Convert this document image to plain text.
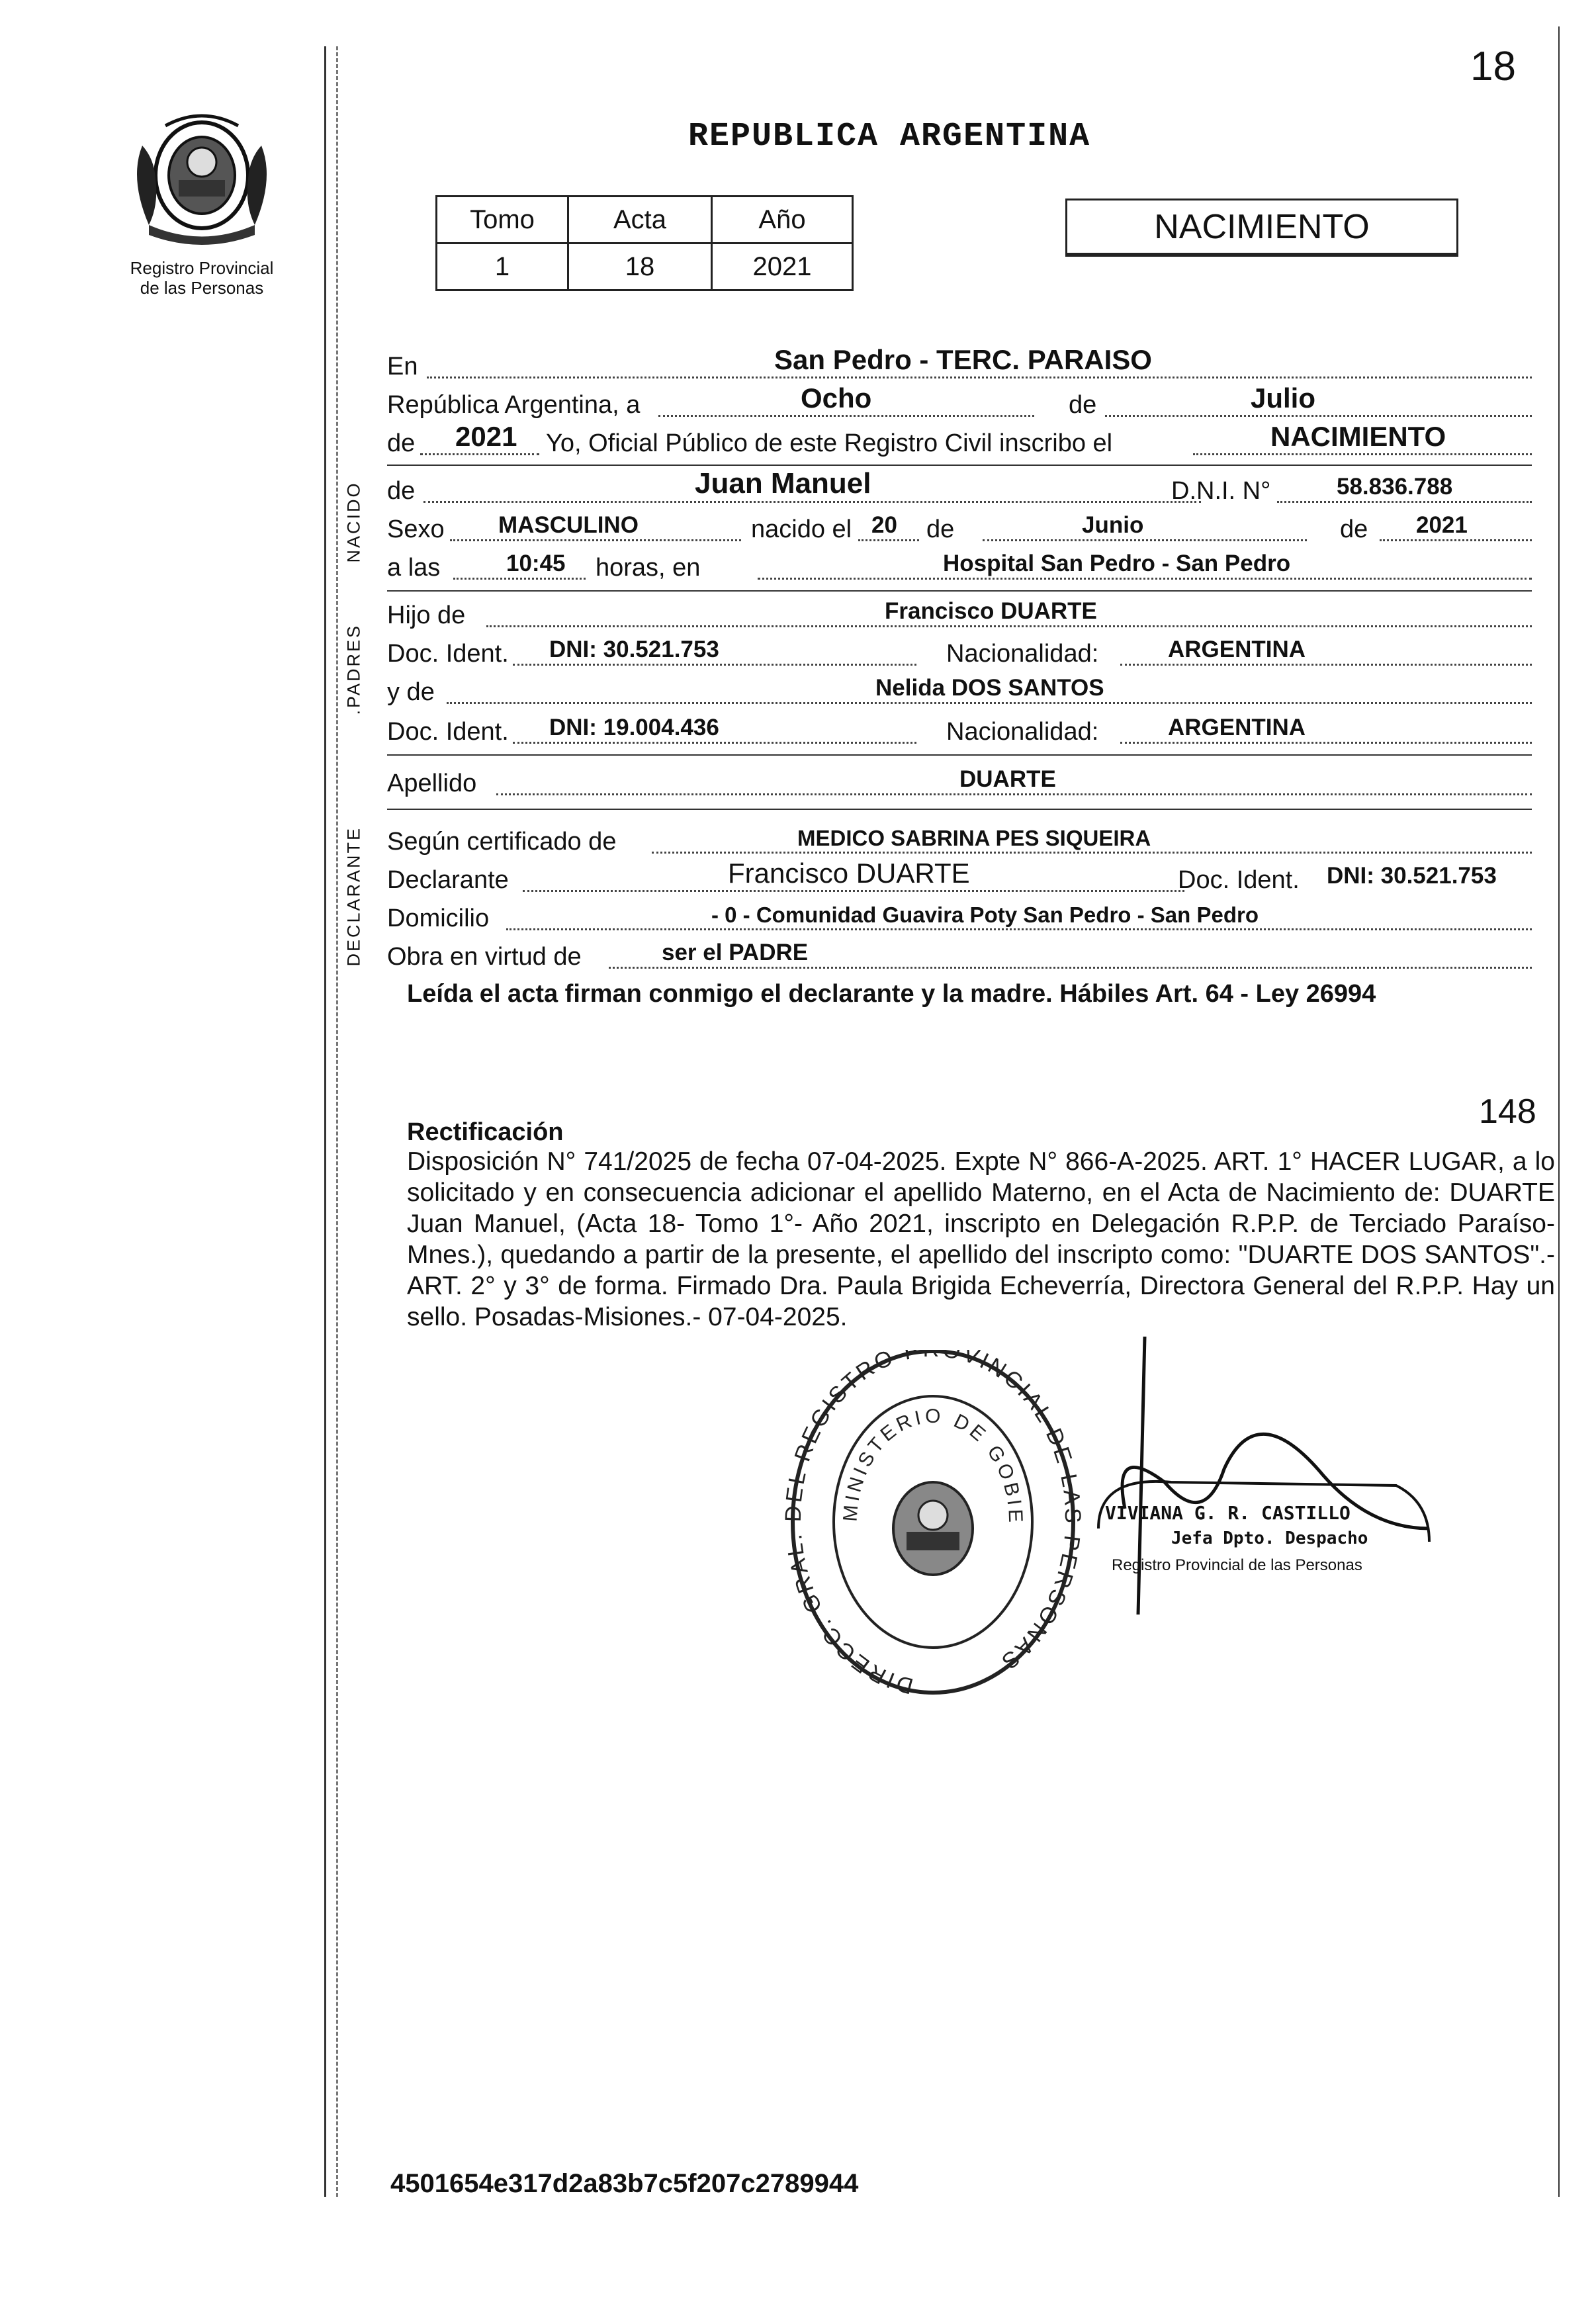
18
Registro Provincial
de las Personas
REPUBLICA ARGENTINA
Tomo	Acta	Año
1	18	2021
NACIMIENTO
En	San Pedro - TERC. PARAISO
República Argentina, a	Ocho	de	Julio
de 2021 Yo, Oficial Público de este Registro Civil inscribo el	NACIMIENTO
NACIDO de	Juan Manuel	D.N.I. N°	58.836.788
Sexo MASCULINO	nacido el 20 de	Junio	de 2021
a las	10:45 horas, en	Hospital San Pedro - San Pedro
.PADRES
Hijo de	Francisco DUARTE
Doc. Ident. DNI: 30.521.753	Nacionalidad:	ARGENTINA
y de	Nelida DOS SANTOS
Doc. Ident. DNI: 19.004.436	Nacionalidad:	ARGENTINA
Apellido	DUARTE
DECLARANTE Según certificado de	MEDICO SABRINA PES SIQUEIRA
Declarante	Francisco DUARTE	Doc. Ident. DNI: 30.521.753
Domicilio	- 0 - Comunidad Guavira Poty San Pedro - San Pedro
Obra en virtud de	ser el PADRE
Leída el acta firman conmigo el declarante y la madre. Hábiles Art. 64 - Ley 26994
148
Rectificación
Disposición N° 741/2025 de fecha 07-04-2025. Expte N° 866-A-2025. ART. 1° HACER LUGAR, a lo solicitado y en consecuencia adicionar el apellido Materno, en el Acta de Nacimiento de: DUARTE Juan Manuel, (Acta 18- Tomo 1°- Año 2021, inscripto en Delegación R.P.P. de Terciado Paraíso-Mnes.), quedando a partir de la presente, el apellido del inscripto como: "DUARTE DOS SANTOS".- ART. 2° y 3° de forma. Firmado Dra. Paula Brigida Echeverría, Directora General del R.P.P. Hay un sello. Posadas-Misiones.- 07-04-2025.
DIRECC. GRAL L REGISTRO P OVINCIAL DE L ERSONAS
MINISTERIO DE GOBIE	VIVIANA G. R. CASTILLO
Jefa Dpto. Despacho
Registro Provincial de las Personas
4501654e317d2a83b7c5f207c2789944
